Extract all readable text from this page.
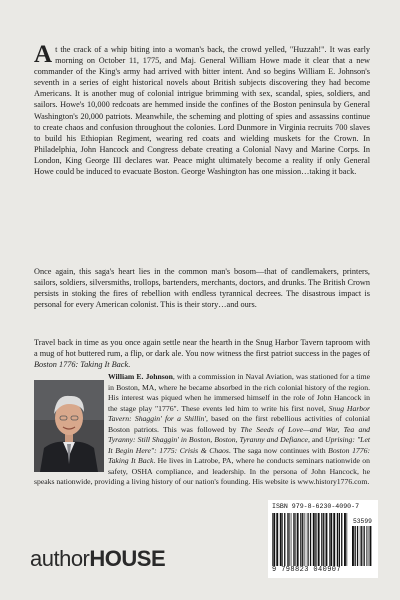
At the crack of a whip biting into a woman's back, the crowd yelled, "Huzzah!". It was early morning on October 11, 1775, and Maj. General William Howe made it clear that a new commander of the King's army had arrived with bitter intent. And so begins William E. Johnson's seventh in a series of eight historical novels about British subjects discovering they had become Americans. It is another mug of colonial intrigue brimming with sex, scandal, spies, soldiers, and sailors. Howe's 10,000 redcoats are hemmed inside the confines of the Boston peninsula by General Washington's 20,000 patriots. Meanwhile, the scheming and plotting of spies and assassins continue to create chaos and confusion throughout the colonies. Lord Dunmore in Virginia recruits 700 slaves to build his Ethiopian Regiment, wearing red coats and wielding muskets for the Crown. In Philadelphia, John Hancock and Congress debate creating a Colonial Navy and Marine Corps. In London, King George III declares war. Peace might ultimately become a reality if only General Howe could be induced to evacuate Boston. George Washington has one mission…taking it back.

Once again, this saga's heart lies in the common man's bosom—that of candlemakers, printers, sailors, soldiers, silversmiths, trollops, bartenders, merchants, doctors, and drunks. The British Crown persists in stoking the fires of rebellion with endless tyrannical decrees. The disastrous impact is personal for every American colonist. This is their story…and ours.

Travel back in time as you once again settle near the hearth in the Snug Harbor Tavern taproom with a mug of hot buttered rum, a flip, or dark ale. You now witness the first patriot success in the pages of Boston 1776: Taking It Back.

William E. Johnson, with a commission in Naval Aviation, was stationed for a time in Boston, MA, where he became absorbed in the rich colonial history of the region. His interest was piqued when he immersed himself in the role of John Hancock in the stage play "1776". These events led him to write his first novel, Snug Harbor Tavern: Shaggin' for a Shillin', based on the first rebellious activities of colonial Boston patriots. This was followed by The Seeds of Love—and War, Tea and Tyranny: Still Shaggin' in Boston, Boston, Tyranny and Defiance, and Uprising: "Let It Begin Here": 1775: Crisis & Chaos. The saga now continues with Boston 1776: Taking It Back. He lives in Latrobe, PA, where he conducts seminars nationwide on safety, OSHA compliance, and leadership. In the persona of John Hancock, he speaks nationwide, providing a living history of our nation's founding. His website is www.history1776.com.

authorHOUSE
ISBN 979-8-6230-4090-7
53599
9 798823 040907
